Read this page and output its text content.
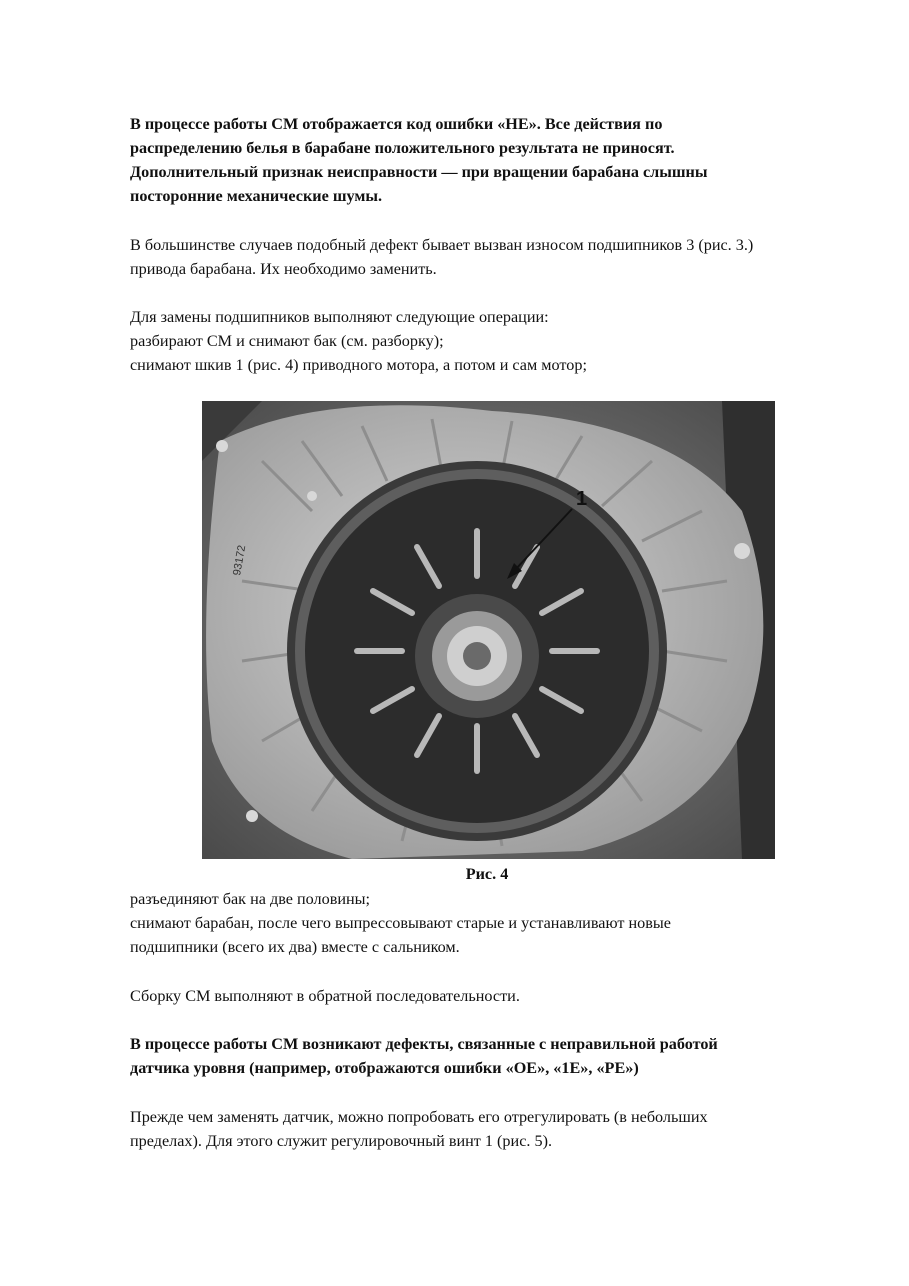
В процессе работы СМ отображается код ошибки «НЕ». Все действия по
распределению белья в барабане положительного результата не приносят.
Дополнительный признак неисправности — при вращении барабана слышны
посторонние механические шумы.
В большинстве случаев подобный дефект бывает вызван износом подшипников 3 (рис. 3.)
привода барабана. Их необходимо заменить.
Для замены подшипников выполняют следующие операции:
разбирают СМ и снимают бак (см. разборку);
снимают шкив 1 (рис. 4) приводного мотора, а потом и сам мотор;
1
93172
Рис. 4
разъединяют бак на две половины;
снимают барабан, после чего выпрессовывают старые и устанавливают новые
подшипники (всего их два) вместе с сальником.
Сборку СМ выполняют в обратной последовательности.
В процессе работы СМ возникают дефекты, связанные с неправильной работой
датчика уровня (например, отображаются ошибки «ОЕ», «1Е», «РЕ»)
Прежде чем заменять датчик, можно попробовать его отрегулировать (в небольших
пределах). Для этого служит регулировочный винт 1 (рис. 5).
